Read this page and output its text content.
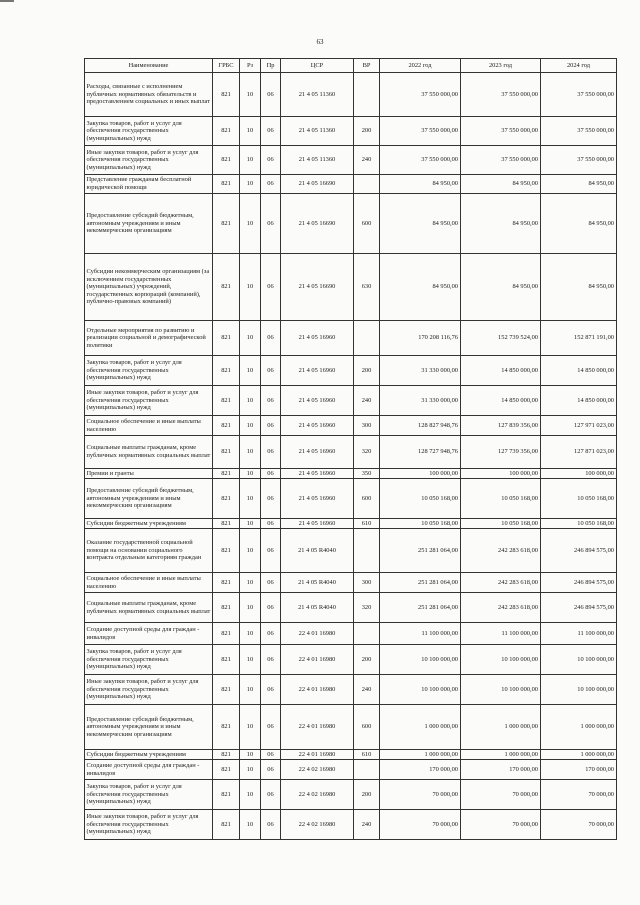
63
Наименование	ГРБС	Рз	Пр	ЦСР	ВР	2022 год	2023 год	2024 год
Расходы, связанные с исполнением публичных нормативных обязательств и предоставлением социальных и иных выплат	821	10	06	21 4 05 11360		37 550 000,00	37 550 000,00	37 550 000,00
Закупка товаров, работ и услуг для обеспечения государственных (муниципальных) нужд	821	10	06	21 4 05 11360	200	37 550 000,00	37 550 000,00	37 550 000,00
Иные закупки товаров, работ и услуг для обеспечения государственных (муниципальных) нужд	821	10	06	21 4 05 11360	240	37 550 000,00	37 550 000,00	37 550 000,00
Представление гражданам бесплатной юридической помощи	821	10	06	21 4 05 16690		84 950,00	84 950,00	84 950,00
Предоставление субсидий бюджетным, автономным учреждениям и иным некоммерческим организациям	821	10	06	21 4 05 16690	600	84 950,00	84 950,00	84 950,00
Субсидии некоммерческим организациям (за исключением государственных (муниципальных) учреждений, государственных корпораций (компаний), публично-правовых компаний)	821	10	06	21 4 05 16690	630	84 950,00	84 950,00	84 950,00
Отдельные мероприятия по развитию и реализации социальной и демографической политики	821	10	06	21 4 05 16960		170 208 116,76	152 739 524,00	152 871 191,00
Закупка товаров, работ и услуг для обеспечения государственных (муниципальных) нужд	821	10	06	21 4 05 16960	200	31 330 000,00	14 850 000,00	14 850 000,00
Иные закупки товаров, работ и услуг для обеспечения государственных (муниципальных) нужд	821	10	06	21 4 05 16960	240	31 330 000,00	14 850 000,00	14 850 000,00
Социальное обеспечение и иные выплаты населению	821	10	06	21 4 05 16960	300	128 827 948,76	127 839 356,00	127 971 023,00
Социальные выплаты гражданам, кроме публичных нормативных социальных выплат	821	10	06	21 4 05 16960	320	128 727 948,76	127 739 356,00	127 871 023,00
Премии и гранты	821	10	06	21 4 05 16960	350	100 000,00	100 000,00	100 000,00
Предоставление субсидий бюджетным, автономным учреждениям и иным некоммерческим организациям	821	10	06	21 4 05 16960	600	10 050 168,00	10 050 168,00	10 050 168,00
Субсидии бюджетным учреждениям	821	10	06	21 4 05 16960	610	10 050 168,00	10 050 168,00	10 050 168,00
Оказание государственной социальной помощи на основании социального контракта отдельным категориям граждан	821	10	06	21 4 05 R4040		251 281 064,00	242 283 618,00	246 894 575,00
Социальное обеспечение и иные выплаты населению	821	10	06	21 4 05 R4040	300	251 281 064,00	242 283 618,00	246 894 575,00
Социальные выплаты гражданам, кроме публичных нормативных социальных выплат	821	10	06	21 4 05 R4040	320	251 281 064,00	242 283 618,00	246 894 575,00
Создание доступной среды для граждан - инвалидов	821	10	06	22 4 01 16980		11 100 000,00	11 100 000,00	11 100 000,00
Закупка товаров, работ и услуг для обеспечения государственных (муниципальных) нужд	821	10	06	22 4 01 16980	200	10 100 000,00	10 100 000,00	10 100 000,00
Иные закупки товаров, работ и услуг для обеспечения государственных (муниципальных) нужд	821	10	06	22 4 01 16980	240	10 100 000,00	10 100 000,00	10 100 000,00
Предоставление субсидий бюджетным, автономным учреждениям и иным некоммерческим организациям	821	10	06	22 4 01 16980	600	1 000 000,00	1 000 000,00	1 000 000,00
Субсидии бюджетным учреждениям	821	10	06	22 4 01 16980	610	1 000 000,00	1 000 000,00	1 000 000,00
Создание доступной среды для граждан - инвалидов	821	10	06	22 4 02 16980		170 000,00	170 000,00	170 000,00
Закупка товаров, работ и услуг для обеспечения государственных (муниципальных) нужд	821	10	06	22 4 02 16980	200	70 000,00	70 000,00	70 000,00
Иные закупки товаров, работ и услуг для обеспечения государственных (муниципальных) нужд	821	10	06	22 4 02 16980	240	70 000,00	70 000,00	70 000,00
